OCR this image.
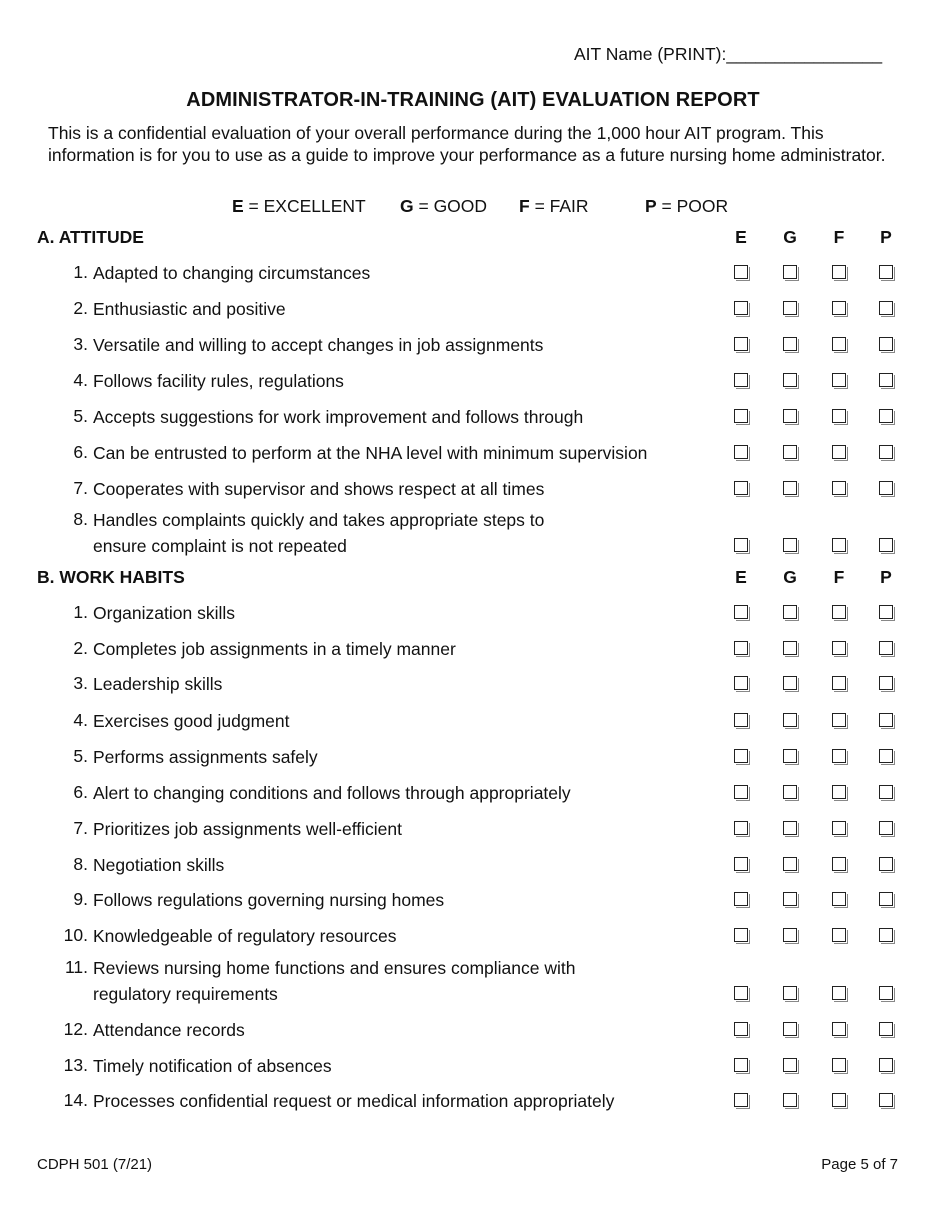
AIT Name (PRINT):________________
ADMINISTRATOR-IN-TRAINING (AIT) EVALUATION REPORT
This is a confidential evaluation of your overall performance during the 1,000 hour AIT program. This information is for you to use as a guide to improve your performance as a future nursing home administrator.
E = EXCELLENT G = GOOD F = FAIR	P = POOR
A. ATTITUDE	E G F P
1. Adapted to changing circumstances
2. Enthusiastic and positive
3. Versatile and willing to accept changes in job assignments
4. Follows facility rules, regulations
5. Accepts suggestions for work improvement and follows through
6. Can be entrusted to perform at the NHA level with minimum supervision
7. Cooperates with supervisor and shows respect at all times
8. Handles complaints quickly and takes appropriate steps to
ensure complaint is not repeated
B. WORK HABITS	E G F P
1. Organization skills
2. Completes job assignments in a timely manner
3. Leadership skills
4. Exercises good judgment
5. Performs assignments safely
6. Alert to changing conditions and follows through appropriately
7. Prioritizes job assignments well-efficient
8. Negotiation skills
9. Follows regulations governing nursing homes
10. Knowledgeable of regulatory resources
11. Reviews nursing home functions and ensures compliance with
regulatory requirements
12. Attendance records
13. Timely notification of absences
14. Processes confidential request or medical information appropriately
CDPH 501 (7/21)	Page 5 of 7
